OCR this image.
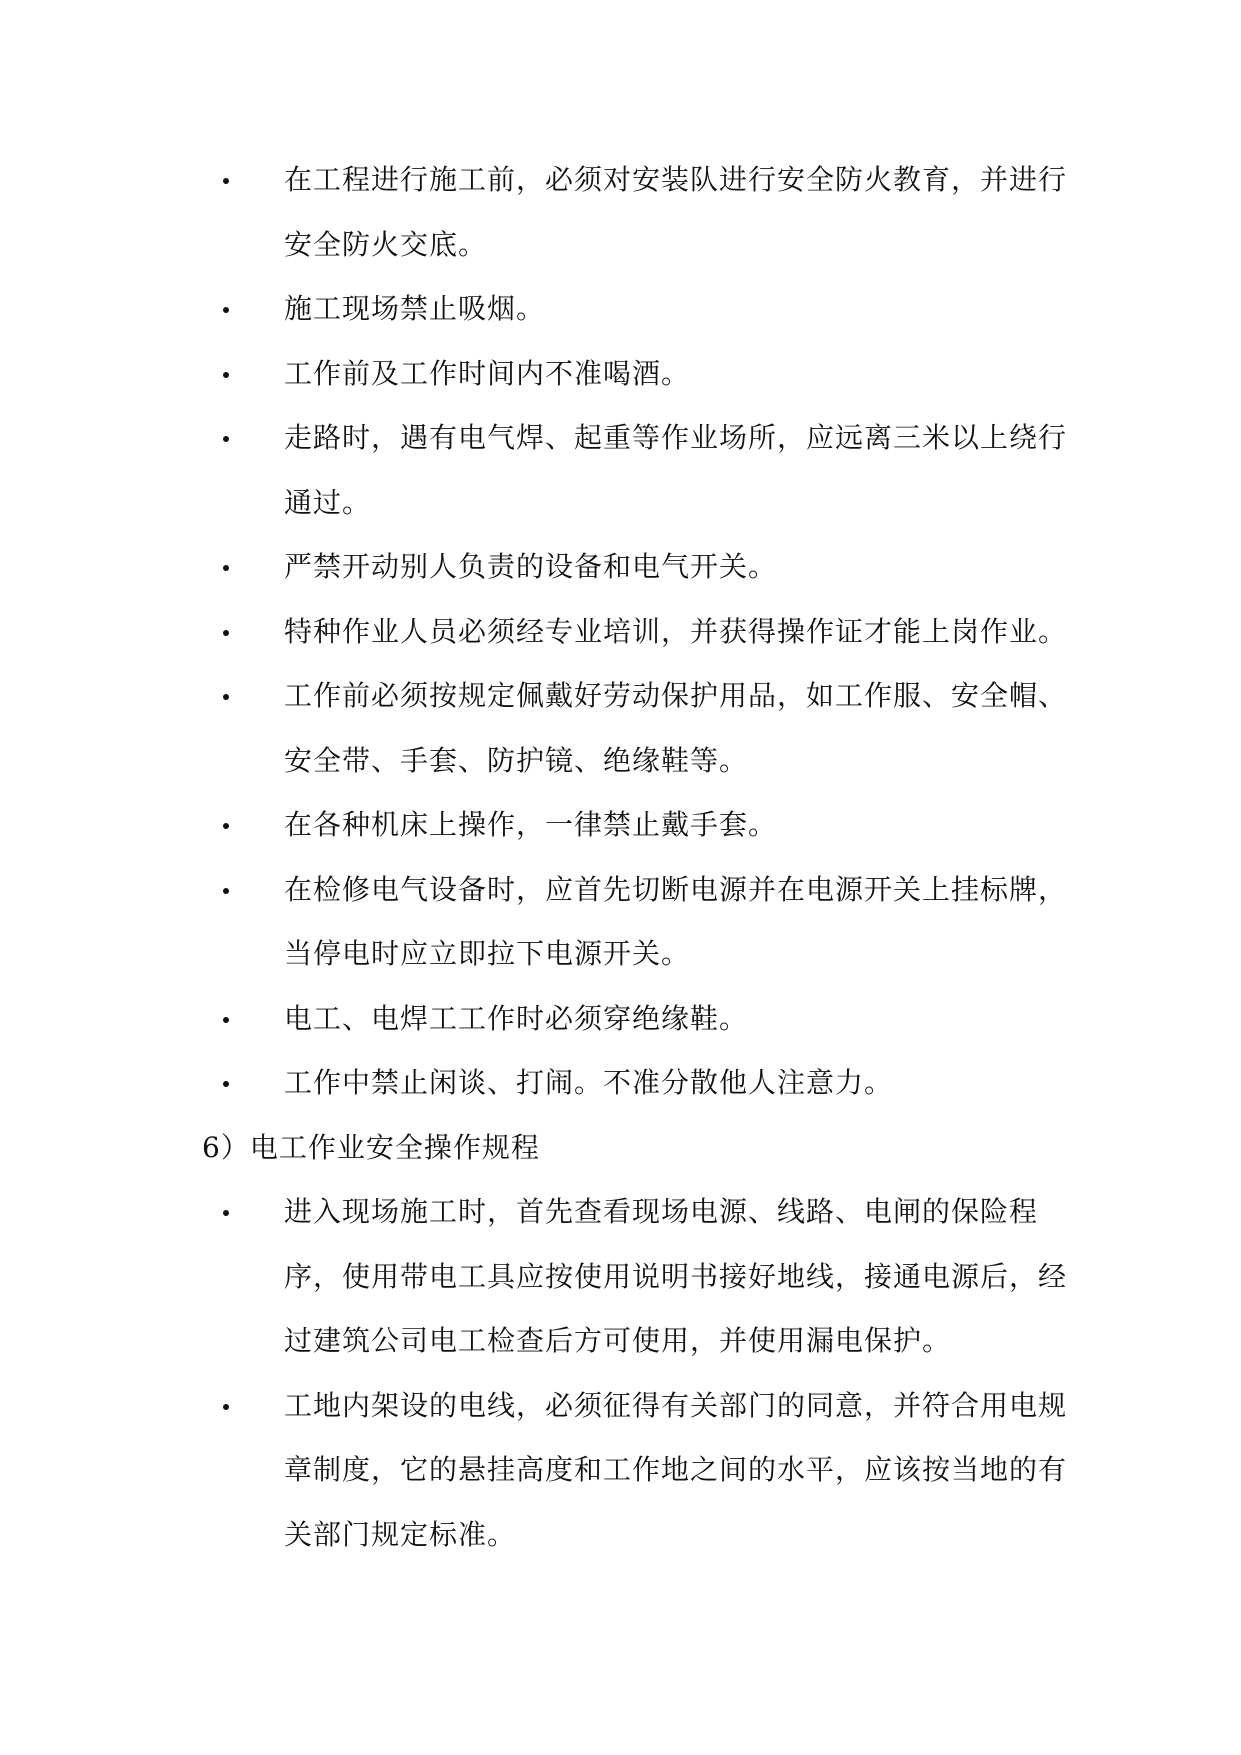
在工程进行施工前，必须对安装队进行安全防火教育，并进行安全防火交底。
施工现场禁止吸烟。
工作前及工作时间内不准喝酒。
走路时，遇有电气焊、起重等作业场所，应远离三米以上绕行通过。
严禁开动别人负责的设备和电气开关。
特种作业人员必须经专业培训，并获得操作证才能上岗作业。
工作前必须按规定佩戴好劳动保护用品，如工作服、安全帽、安全带、手套、防护镜、绝缘鞋等。
在各种机床上操作，一律禁止戴手套。
在检修电气设备时，应首先切断电源并在电源开关上挂标牌，当停电时应立即拉下电源开关。
电工、电焊工工作时必须穿绝缘鞋。
工作中禁止闲谈、打闹。不准分散他人注意力。

6）电工作业安全操作规程

进入现场施工时，首先查看现场电源、线路、电闸的保险程序，使用带电工具应按使用说明书接好地线，接通电源后，经过建筑公司电工检查后方可使用，并使用漏电保护。
工地内架设的电线，必须征得有关部门的同意，并符合用电规章制度，它的悬挂高度和工作地之间的水平，应该按当地的有关部门规定标准。
